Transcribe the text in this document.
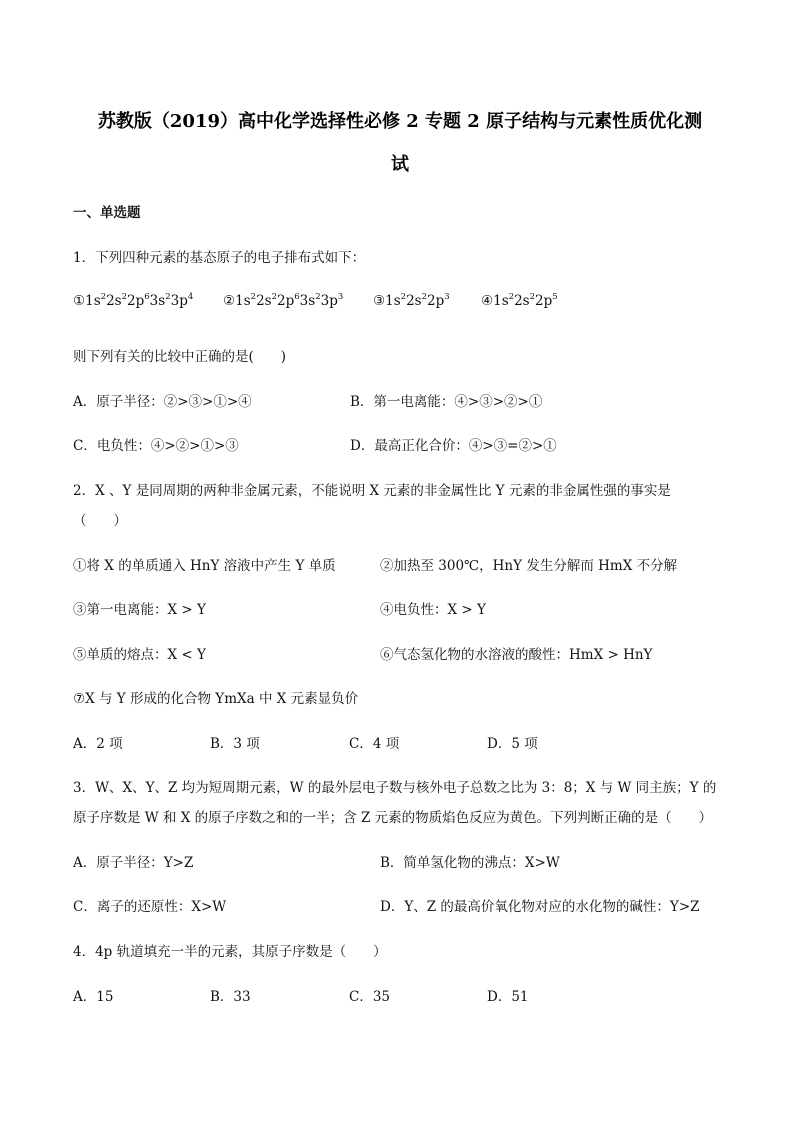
苏教版（2019）高中化学选择性必修 2 专题 2 原子结构与元素性质优化测
试
一、单选题
1．下列四种元素的基态原子的电子排布式如下：
$①1s^22s^22p^63s^23p^4$ $②1s^22s^22p^63s^23p^3$ $③1s^22s^22p^3$ $④1s^22s^22p^5$
则下列有关的比较中正确的是(　　)
A．原子半径：②>③>①>④	B．第一电离能：④>③>②>①
C．电负性：④>②>①>③	D．最高正化合价：④>③=②>①
2．X 、Y 是同周期的两种非金属元素，不能说明 X 元素的非金属性比 Y 元素的非金属性强的事实是
（　　）
①将 X 的单质通入 HnY 溶液中产生 Y 单质	②加热至 300℃，HnY 发生分解而 HmX 不分解
③第一电离能：X > Y	④电负性：X > Y
⑤单质的熔点：X < Y	⑥气态氢化物的水溶液的酸性：HmX > HnY
⑦X 与 Y 形成的化合物 YmXa 中 X 元素显负价
A．2 项	B．3 项	C．4 项	D．5 项
3．W、X、Y、Z 均为短周期元素，W 的最外层电子数与核外电子总数之比为 3：8；X 与 W 同主族；Y 的
原子序数是 W 和 X 的原子序数之和的一半；含 Z 元素的物质焰色反应为黄色。下列判断正确的是（　　）
A．原子半径：Y>Z	B．简单氢化物的沸点：X>W
C．离子的还原性：X>W	D．Y、Z 的最高价氧化物对应的水化物的碱性：Y>Z
4．4p 轨道填充一半的元素，其原子序数是（　　）
A．15	B．33	C．35	D．51
